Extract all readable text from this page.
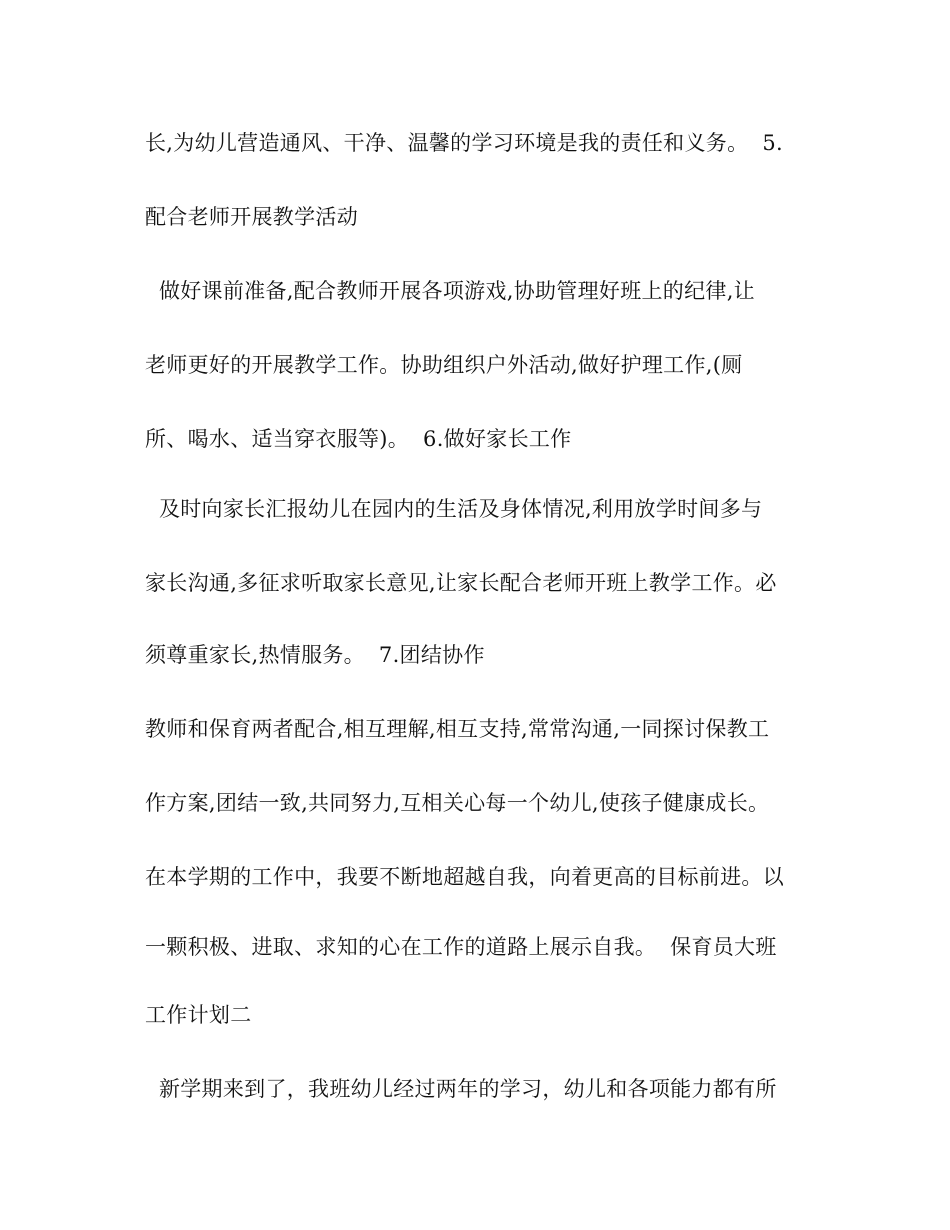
长,为幼儿营造通风、干净、温馨的学习环境是我的责任和义务。  5.
配合老师开展教学活动
做好课前准备,配合教师开展各项游戏,协助管理好班上的纪律,让
老师更好的开展教学工作。协助组织户外活动,做好护理工作,(厕
所、喝水、适当穿衣服等)。  6.做好家长工作
及时向家长汇报幼儿在园内的生活及身体情况,利用放学时间多与
家长沟通,多征求听取家长意见,让家长配合老师开班上教学工作。必
须尊重家长,热情服务。  7.团结协作
教师和保育两者配合,相互理解,相互支持,常常沟通,一同探讨保教工
作方案,团结一致,共同努力,互相关心每一个幼儿,使孩子健康成长。
在本学期的工作中，我要不断地超越自我，向着更高的目标前进。以
一颗积极、进取、求知的心在工作的道路上展示自我。  保育员大班
工作计划二
新学期来到了，我班幼儿经过两年的学习，幼儿和各项能力都有所
